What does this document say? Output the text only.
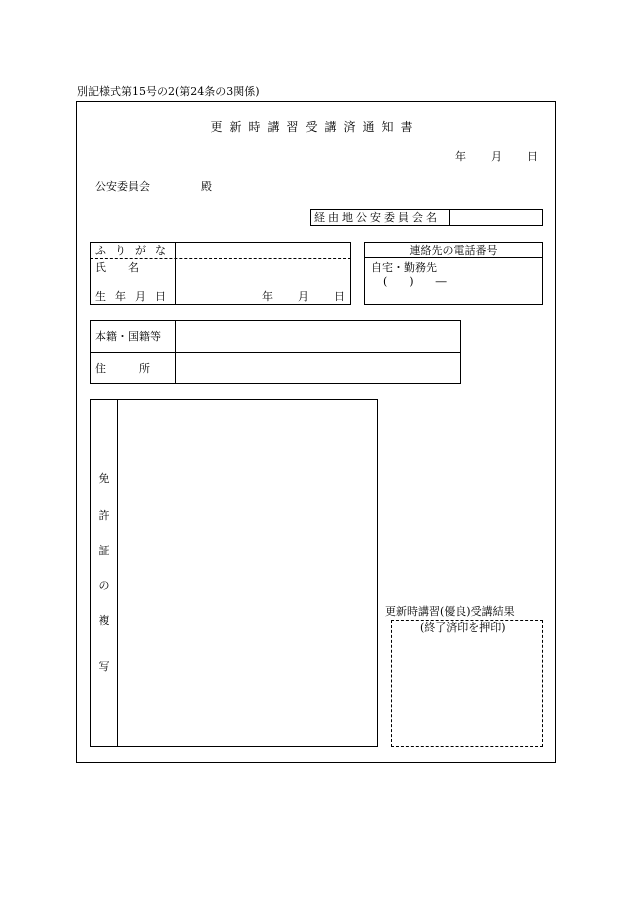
別記様式第15号の2(第24条の3関係)
更新時講習受講済通知書
年 月 日
公安委員会	殿
経由地公安委員会名
ふりがな
氏　　名
生年月日	年 月 日
連絡先の電話番号
自宅・勤務先
(　　)　　―
本籍・国籍等
住　　　所
免
許
証
の
複
写
更新時講習(優良)受講結果
(終了済印を押印)
